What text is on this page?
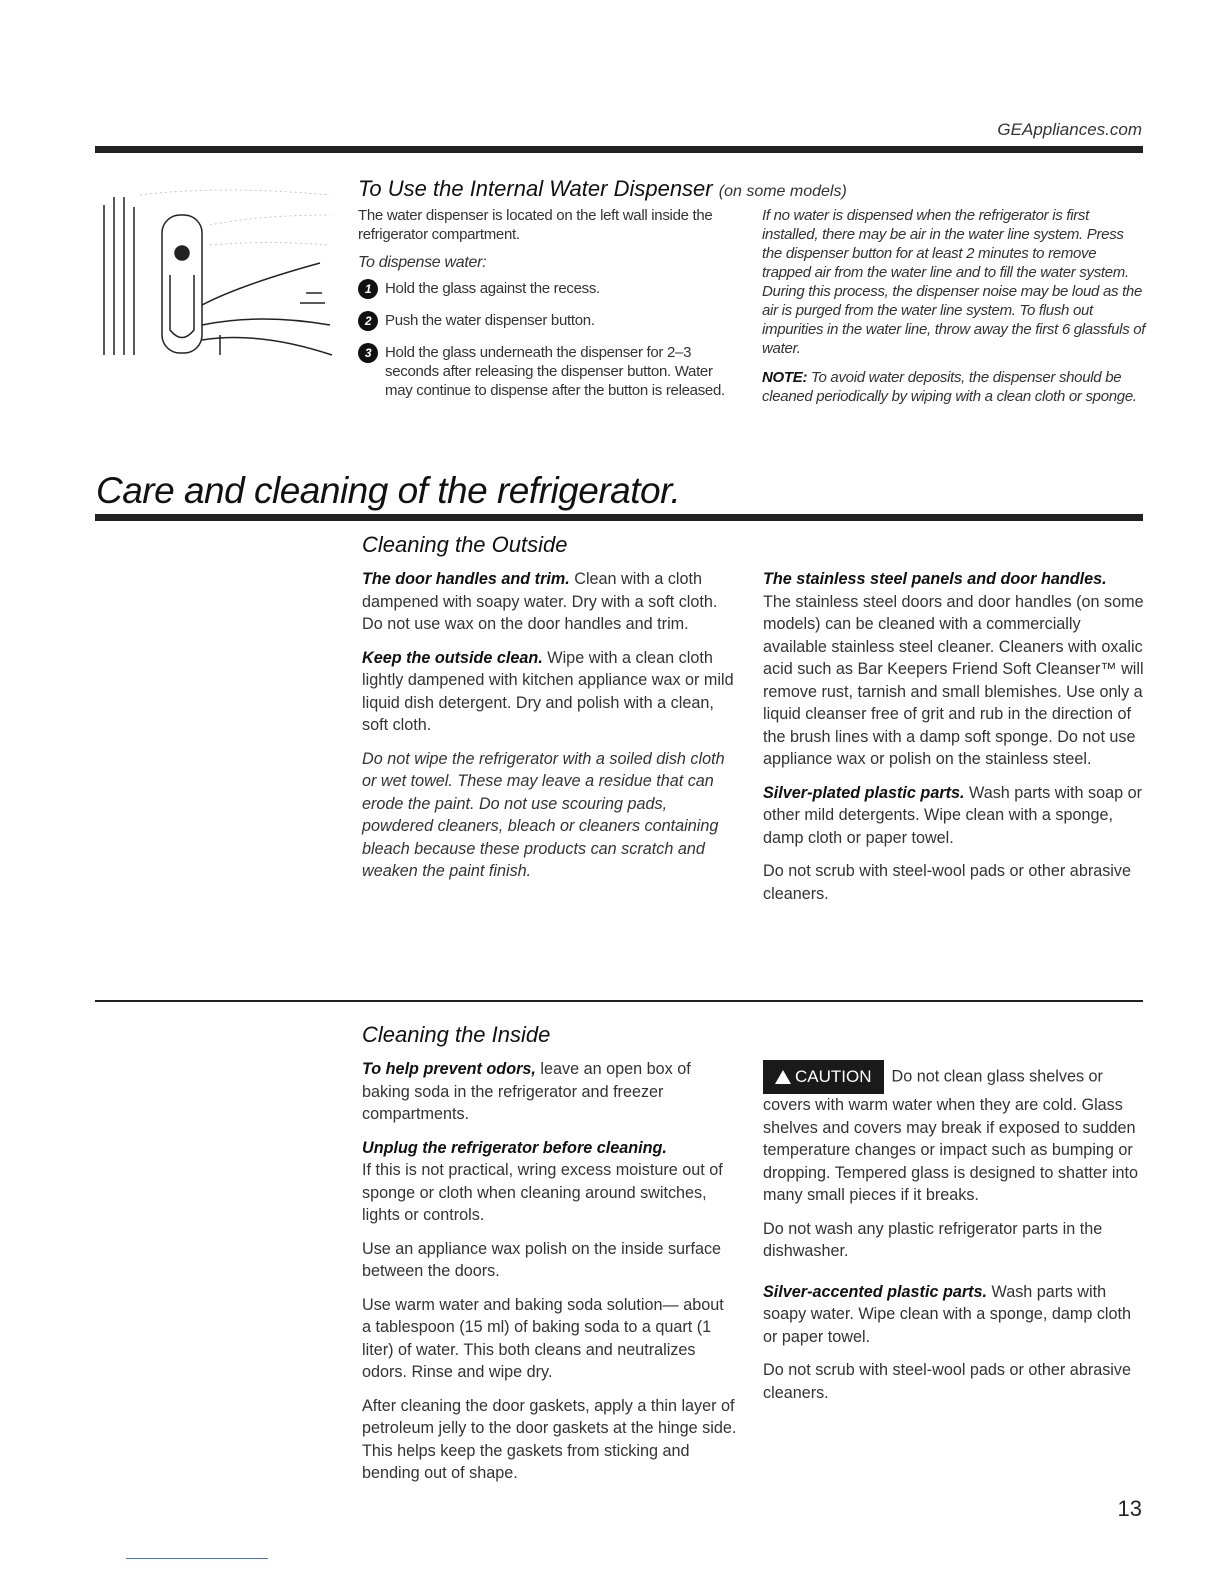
GEAppliances.com
To Use the Internal Water Dispenser (on some models)
The water dispenser is located on the left wall inside the refrigerator compartment.
To dispense water:
1 Hold the glass against the recess.
2 Push the water dispenser button.
3 Hold the glass underneath the dispenser for 2–3 seconds after releasing the dispenser button. Water may continue to dispense after the button is released.
If no water is dispensed when the refrigerator is first installed, there may be air in the water line system. Press the dispenser button for at least 2 minutes to remove trapped air from the water line and to fill the water system. During this process, the dispenser noise may be loud as the air is purged from the water line system. To flush out impurities in the water line, throw away the first 6 glassfuls of water.
NOTE: To avoid water deposits, the dispenser should be cleaned periodically by wiping with a clean cloth or sponge.
Care and cleaning of the refrigerator.
Cleaning the Outside

The door handles and trim. Clean with a cloth dampened with soapy water. Dry with a soft cloth. Do not use wax on the door handles and trim.

Keep the outside clean. Wipe with a clean cloth lightly dampened with kitchen appliance wax or mild liquid dish detergent. Dry and polish with a clean, soft cloth.

Do not wipe the refrigerator with a soiled dish cloth or wet towel. These may leave a residue that can erode the paint. Do not use scouring pads, powdered cleaners, bleach or cleaners containing bleach because these products can scratch and weaken the paint finish.

The stainless steel panels and door handles.
The stainless steel doors and door handles (on some models) can be cleaned with a commercially available stainless steel cleaner. Cleaners with oxalic acid such as Bar Keepers Friend Soft Cleanser™ will remove rust, tarnish and small blemishes. Use only a liquid cleanser free of grit and rub in the direction of the brush lines with a damp soft sponge. Do not use appliance wax or polish on the stainless steel.

Silver-plated plastic parts. Wash parts with soap or other mild detergents. Wipe clean with a sponge, damp cloth or paper towel.

Do not scrub with steel-wool pads or other abrasive cleaners.

Cleaning the Inside

To help prevent odors, leave an open box of baking soda in the refrigerator and freezer compartments.

Unplug the refrigerator before cleaning.
If this is not practical, wring excess moisture out of sponge or cloth when cleaning around switches, lights or controls.

Use an appliance wax polish on the inside surface between the doors.

Use warm water and baking soda solution— about a tablespoon (15 ml) of baking soda to a quart (1 liter) of water. This both cleans and neutralizes odors. Rinse and wipe dry.

After cleaning the door gaskets, apply a thin layer of petroleum jelly to the door gaskets at the hinge side. This helps keep the gaskets from sticking and bending out of shape.

CAUTION Do not clean glass shelves or covers with warm water when they are cold. Glass shelves and covers may break if exposed to sudden temperature changes or impact such as bumping or dropping. Tempered glass is designed to shatter into many small pieces if it breaks.

Do not wash any plastic refrigerator parts in the dishwasher.

Silver-accented plastic parts. Wash parts with soapy water. Wipe clean with a sponge, damp cloth or paper towel.

Do not scrub with steel-wool pads or other abrasive cleaners.

13
